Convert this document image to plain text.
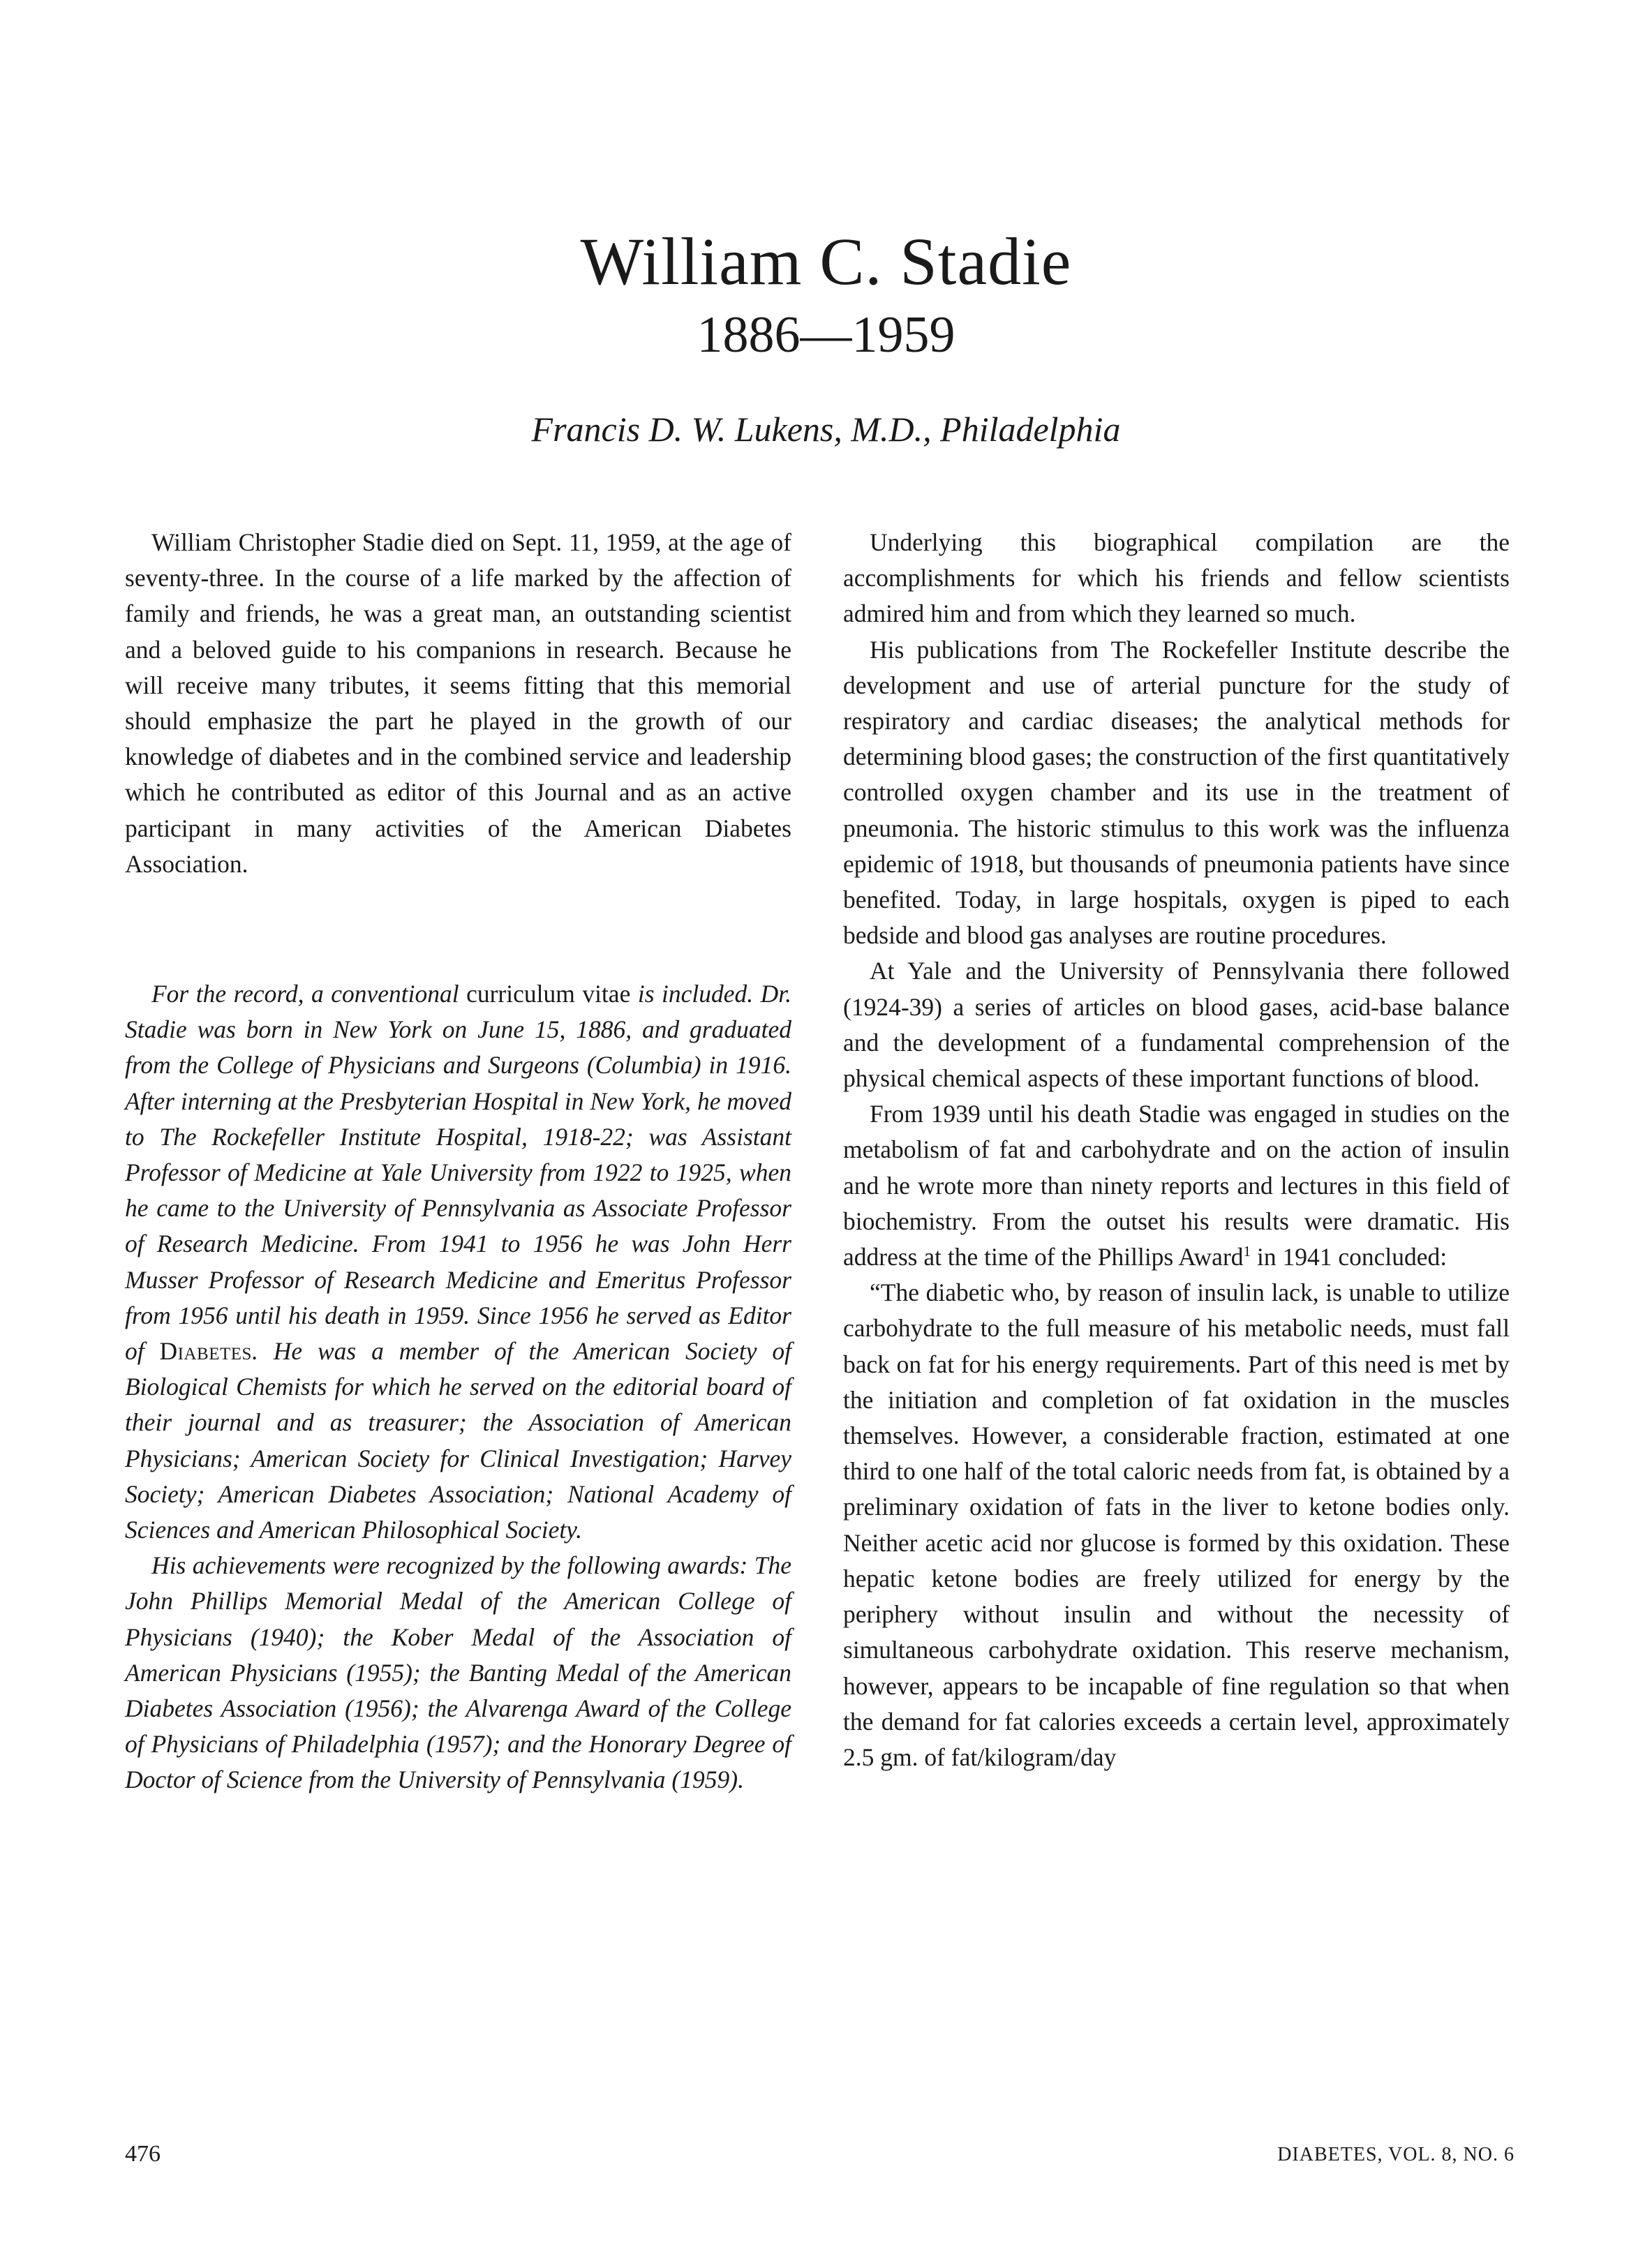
William C. Stadie
1886—1959
Francis D. W. Lukens, M.D., Philadelphia

William Christopher Stadie died on Sept. 11, 1959, at the age of seventy-three. In the course of a life marked by the affection of family and friends, he was a great man, an outstanding scientist and a beloved guide to his companions in research. Because he will receive many tributes, it seems fitting that this memorial should emphasize the part he played in the growth of our knowledge of diabetes and in the combined service and leadership which he contributed as editor of this Journal and as an active participant in many activities of the American Diabetes Association.

For the record, a conventional curriculum vitae is included. Dr. Stadie was born in New York on June 15, 1886, and graduated from the College of Physicians and Surgeons (Columbia) in 1916. After interning at the Presbyterian Hospital in New York, he moved to The Rockefeller Institute Hospital, 1918-22; was Assistant Professor of Medicine at Yale University from 1922 to 1925, when he came to the University of Pennsylvania as Associate Professor of Research Medicine. From 1941 to 1956 he was John Herr Musser Professor of Research Medicine and Emeritus Professor from 1956 until his death in 1959. Since 1956 he served as Editor of Diabetes. He was a member of the American Society of Biological Chemists for which he served on the editorial board of their journal and as treasurer; the Association of American Physicians; American Society for Clinical Investigation; Harvey Society; American Diabetes Association; National Academy of Sciences and American Philosophical Society.

His achievements were recognized by the following awards: The John Phillips Memorial Medal of the American College of Physicians (1940); the Kober Medal of the Association of American Physicians (1955); the Banting Medal of the American Diabetes Association (1956); the Alvarenga Award of the College of Physicians of Philadelphia (1957); and the Honorary Degree of Doctor of Science from the University of Pennsylvania (1959).

Underlying this biographical compilation are the accomplishments for which his friends and fellow scientists admired him and from which they learned so much.

His publications from The Rockefeller Institute describe the development and use of arterial puncture for the study of respiratory and cardiac diseases; the analytical methods for determining blood gases; the construction of the first quantitatively controlled oxygen chamber and its use in the treatment of pneumonia. The historic stimulus to this work was the influenza epidemic of 1918, but thousands of pneumonia patients have since benefited. Today, in large hospitals, oxygen is piped to each bedside and blood gas analyses are routine procedures.

At Yale and the University of Pennsylvania there followed (1924-39) a series of articles on blood gases, acid-base balance and the development of a fundamental comprehension of the physical chemical aspects of these important functions of blood.

From 1939 until his death Stadie was engaged in studies on the metabolism of fat and carbohydrate and on the action of insulin and he wrote more than ninety reports and lectures in this field of biochemistry. From the outset his results were dramatic. His address at the time of the Phillips Award$^1$ in 1941 concluded:

“The diabetic who, by reason of insulin lack, is unable to utilize carbohydrate to the full measure of his metabolic needs, must fall back on fat for his energy requirements. Part of this need is met by the initiation and completion of fat oxidation in the muscles themselves. However, a considerable fraction, estimated at one third to one half of the total caloric needs from fat, is obtained by a preliminary oxidation of fats in the liver to ketone bodies only. Neither acetic acid nor glucose is formed by this oxidation. These hepatic ketone bodies are freely utilized for energy by the periphery without insulin and without the necessity of simultaneous carbohydrate oxidation. This reserve mechanism, however, appears to be incapable of fine regulation so that when the demand for fat calories exceeds a certain level, approximately 2.5 gm. of fat/kilogram/day

476	DIABETES, VOL. 8, NO. 6
